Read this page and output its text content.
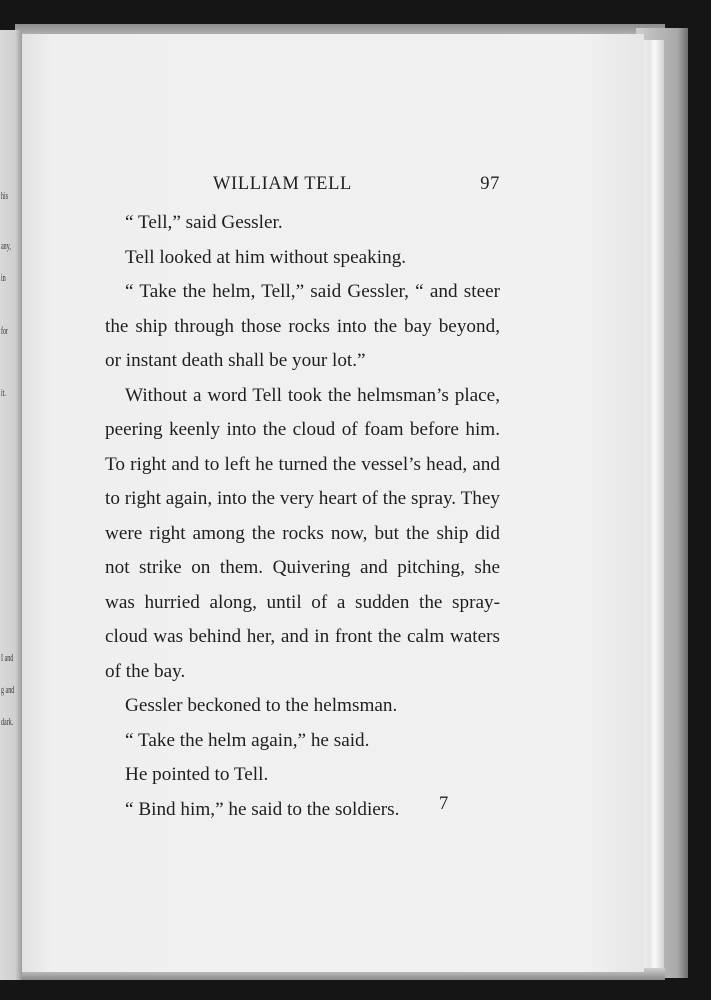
his
any,
in
for
it.
I and
g and
dark.
WILLIAM TELL	97

“ Tell,” said Gessler.

Tell looked at him without speaking.

“ Take the helm, Tell,” said Gessler, “ and steer the ship through those rocks into the bay beyond, or instant death shall be your lot.”

Without a word Tell took the helmsman’s place, peering keenly into the cloud of foam before him. To right and to left he turned the vessel’s head, and to right again, into the very heart of the spray. They were right among the rocks now, but the ship did not strike on them. Quivering and pitching, she was hurried along, until of a sudden the spray-cloud was behind her, and in front the calm waters of the bay.

Gessler beckoned to the helmsman.

“ Take the helm again,” he said.

He pointed to Tell.

“ Bind him,” he said to the soldiers.	7
